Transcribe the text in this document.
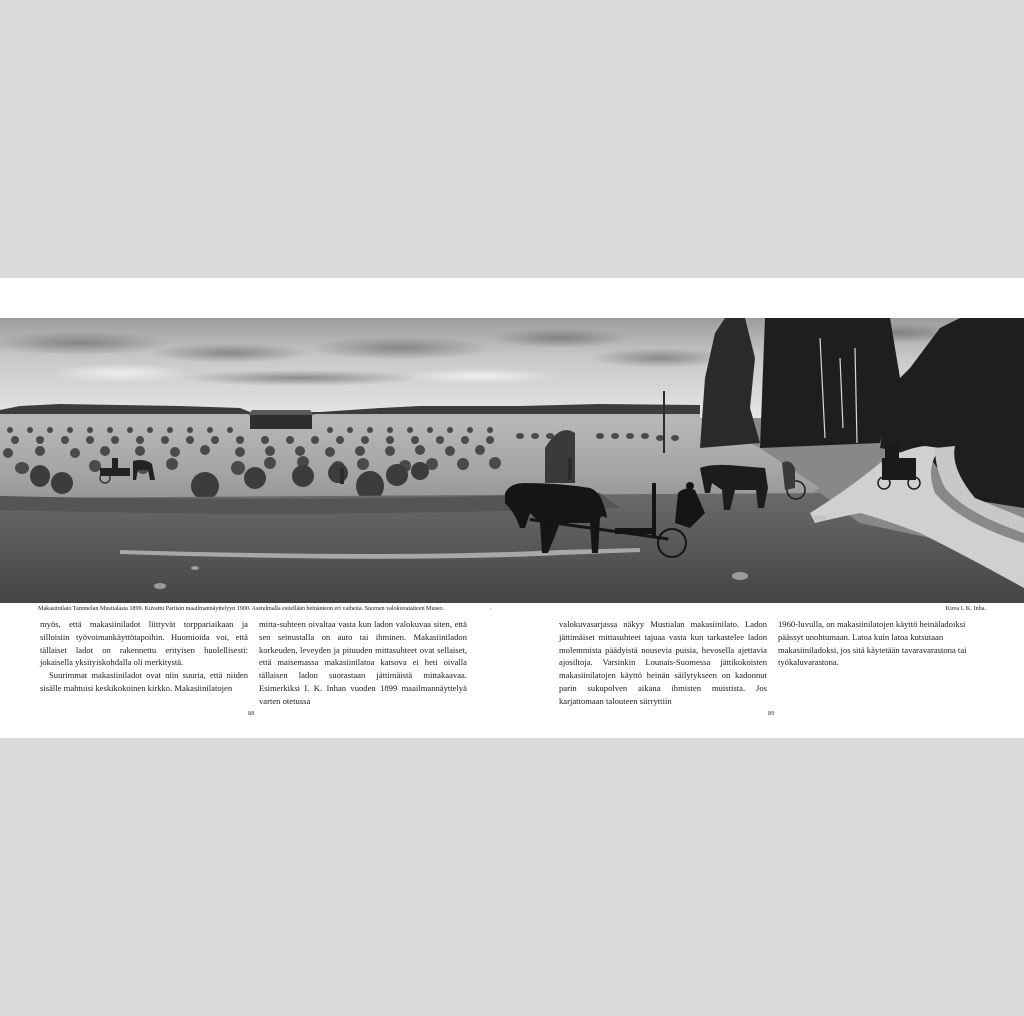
Makasiinilato Tammelan Mustialasta 1899. Kuvattu Pariisin maailmannäyttelyyn 1900. Asetelmalla esitellään heinänteon eri vaiheita. Suomen valokuvataiteen Museo.	.	Kuva I. K. Inha.

myös, että makasiiniladot liittyvät torppariaikaan ja silloisiin työvoimankäyttötapoihin. Huomioida voi, että tällaiset ladot on rakennettu erityisen huolellisesti: jokaisella yksityiskohdalla oli merkitystä.

Suurimmat makasiiniladot ovat niin suuria, että niiden sisälle mahtuisi keskikokoinen kirkko. Makasiinilatojen

mitta-suhteen oivaltaa vasta kun ladon valokuvaa siten, että sen seinustalla on auto tai ihminen. Makasiiniladon korkeuden, leveyden ja pituuden mittasuhteet ovat sellaiset, että maisemassa makasiinilatoa katsova ei heti oivalla tällaisen ladon suorastaan jättimäistä mittakaavaa. Esimerkiksi I. K. Inhan vuoden 1899 maailmannäyttelyä varten otetussa

valokuvasarjassa näkyy Mustialan makasiinilato. Ladon jättimäiset mittasuhteet tajuaa vasta kun tarkastelee ladon molemmista päädyistä nousevia puisia, hevosella ajettavia ajosiltoja. Varsinkin Lounais-Suomessa jättikokoisten makasiinilatojen käyttö heinän säilytykseen on kadonnut parin sukupolven aikana ihmisten muistista. Jos karjattomaan talouteen siirryttiin

1960-luvulla, on makasiinilatojen käyttö heinäladoiksi päässyt unohtumaan. Latoa kuin latoa kutsutaan makasiiniladoksi, jos sitä käytetään tavaravarastona tai työkaluvarastona.

88	89
